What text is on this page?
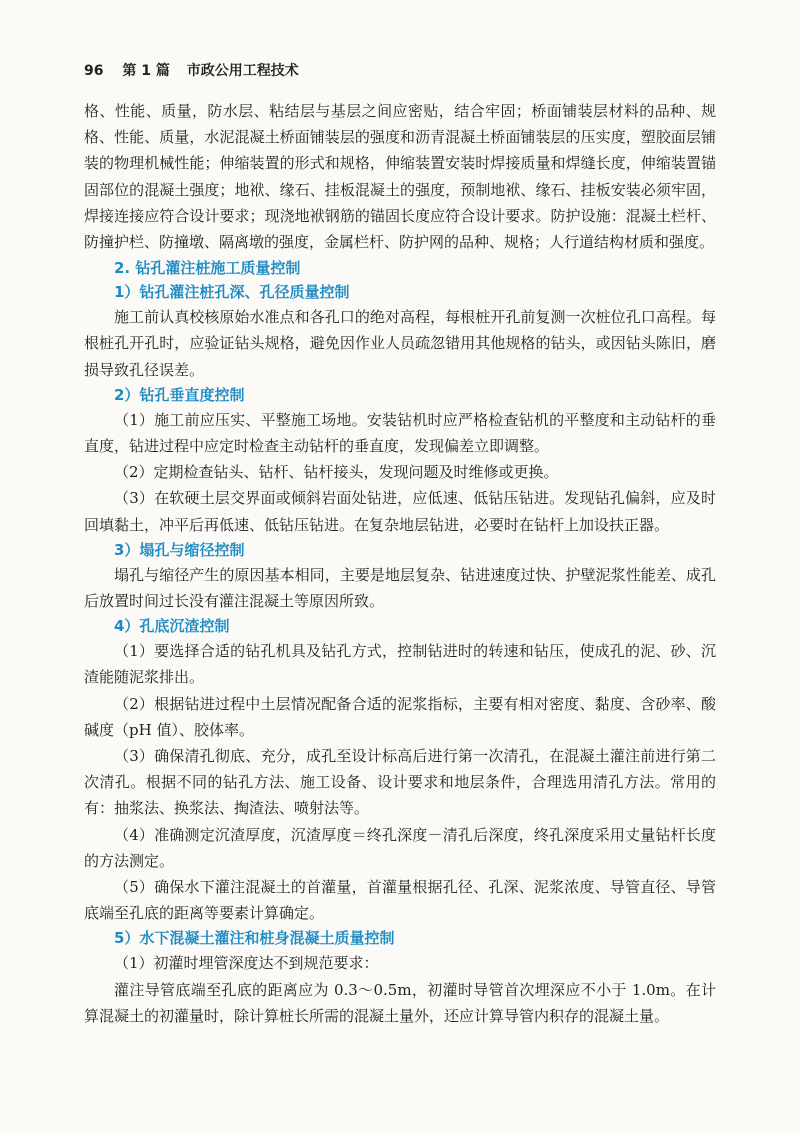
96 第 1 篇 市政公用工程技术

格、性能、质量，防水层、粘结层与基层之间应密贴，结合牢固；桥面铺装层材料的品种、规格、性能、质量，水泥混凝土桥面铺装层的强度和沥青混凝土桥面铺装层的压实度，塑胶面层铺装的物理机械性能；伸缩装置的形式和规格，伸缩装置安装时焊接质量和焊缝长度，伸缩装置锚固部位的混凝土强度；地袱、缘石、挂板混凝土的强度，预制地袱、缘石、挂板安装必须牢固，焊接连接应符合设计要求；现浇地袱钢筋的锚固长度应符合设计要求。防护设施：混凝土栏杆、防撞护栏、防撞墩、隔离墩的强度，金属栏杆、防护网的品种、规格；人行道结构材质和强度。

2. 钻孔灌注桩施工质量控制
1）钻孔灌注桩孔深、孔径质量控制

施工前认真校核原始水准点和各孔口的绝对高程，每根桩开孔前复测一次桩位孔口高程。每根桩孔开孔时，应验证钻头规格，避免因作业人员疏忽错用其他规格的钻头，或因钻头陈旧，磨损导致孔径误差。

2）钻孔垂直度控制

（1）施工前应压实、平整施工场地。安装钻机时应严格检查钻机的平整度和主动钻杆的垂直度，钻进过程中应定时检查主动钻杆的垂直度，发现偏差立即调整。

（2）定期检查钻头、钻杆、钻杆接头，发现问题及时维修或更换。

（3）在软硬土层交界面或倾斜岩面处钻进，应低速、低钻压钻进。发现钻孔偏斜，应及时回填黏土，冲平后再低速、低钻压钻进。在复杂地层钻进，必要时在钻杆上加设扶正器。

3）塌孔与缩径控制

塌孔与缩径产生的原因基本相同，主要是地层复杂、钻进速度过快、护壁泥浆性能差、成孔后放置时间过长没有灌注混凝土等原因所致。

4）孔底沉渣控制

（1）要选择合适的钻孔机具及钻孔方式，控制钻进时的转速和钻压，使成孔的泥、砂、沉渣能随泥浆排出。

（2）根据钻进过程中土层情况配备合适的泥浆指标，主要有相对密度、黏度、含砂率、酸碱度（pH 值）、胶体率。

（3）确保清孔彻底、充分，成孔至设计标高后进行第一次清孔，在混凝土灌注前进行第二次清孔。根据不同的钻孔方法、施工设备、设计要求和地层条件，合理选用清孔方法。常用的有：抽浆法、换浆法、掏渣法、喷射法等。

（4）准确测定沉渣厚度，沉渣厚度＝终孔深度－清孔后深度，终孔深度采用丈量钻杆长度的方法测定。

（5）确保水下灌注混凝土的首灌量，首灌量根据孔径、孔深、泥浆浓度、导管直径、导管底端至孔底的距离等要素计算确定。

5）水下混凝土灌注和桩身混凝土质量控制

（1）初灌时埋管深度达不到规范要求：

灌注导管底端至孔底的距离应为 0.3～0.5m，初灌时导管首次埋深应不小于 1.0m。在计算混凝土的初灌量时，除计算桩长所需的混凝土量外，还应计算导管内积存的混凝土量。
